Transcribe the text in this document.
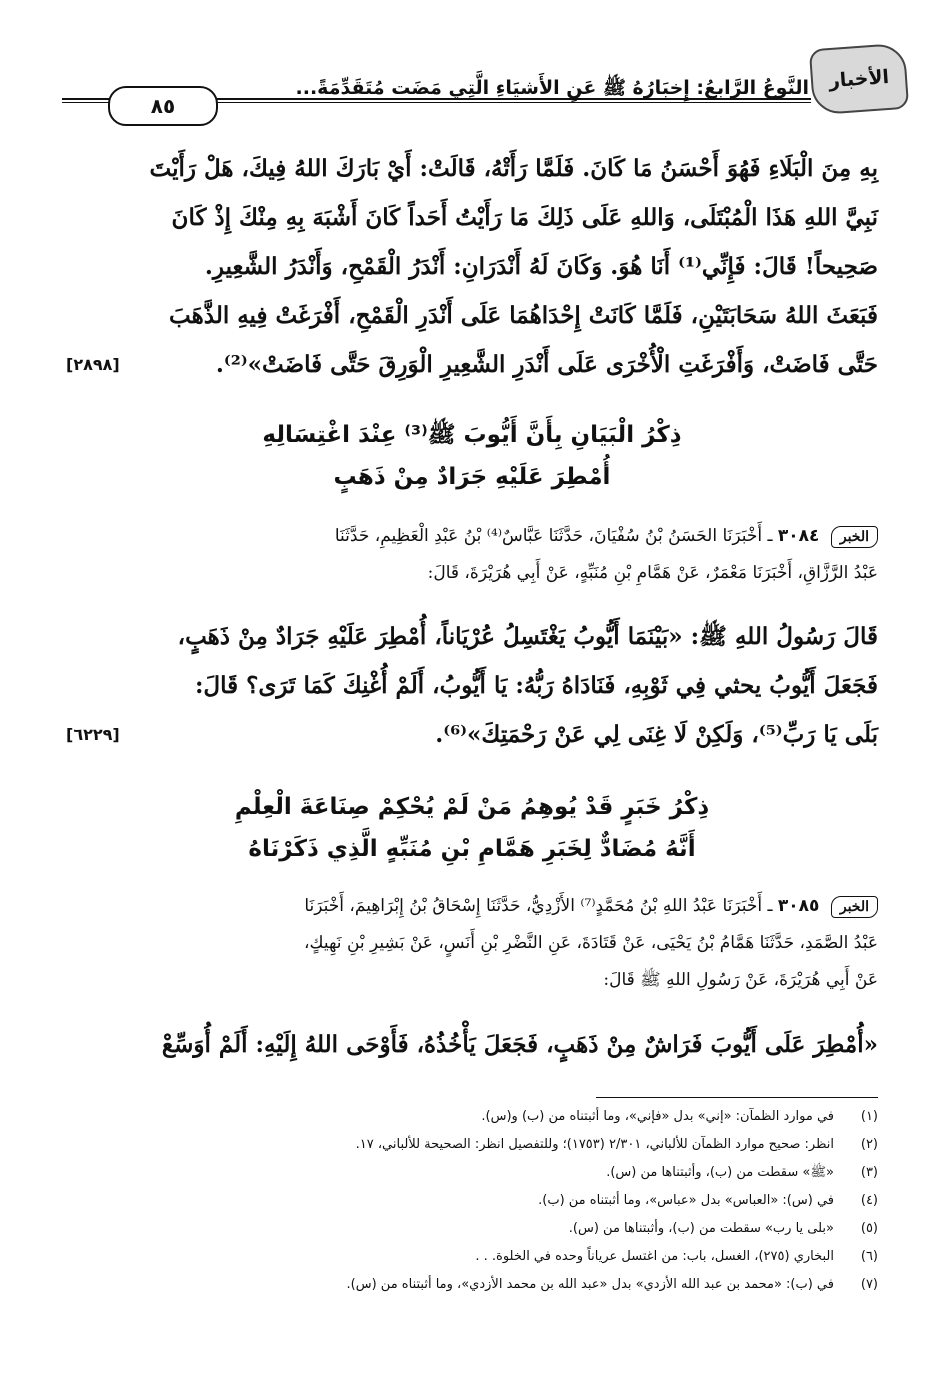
الأخبار
النَّوعُ الرَّابعُ: إِخبَارُهُ ﷺ عَنِ الأَشيَاءِ الَّتِي مَضَت مُتَقَدِّمَةً...
٨٥
بِهِ مِنَ الْبَلَاءِ فَهُوَ أَحْسَنُ مَا كَانَ. فَلَمَّا رَأَتْهُ، قَالَتْ: أَيْ بَارَكَ اللهُ فِيكَ، هَلْ رَأَيْتَ
نَبِيَّ اللهِ هَذَا الْمُبْتَلَى، وَاللهِ عَلَى ذَلِكَ مَا رَأَيْتُ أَحَداً كَانَ أَشْبَهَ بِهِ مِنْكَ إِذْ كَانَ
صَحِيحاً! قَالَ: فَإِنِّي⁽¹⁾ أَنَا هُوَ. وَكَانَ لَهُ أَنْدَرَانِ: أَنْدَرُ الْقَمْحِ، وَأَنْدَرُ الشَّعِيرِ.
فَبَعَثَ اللهُ سَحَابَتَيْنِ، فَلَمَّا كَانَتْ إِحْدَاهُمَا عَلَى أَنْدَرِ الْقَمْحِ، أَفْرَغَتْ فِيهِ الذَّهَبَ
حَتَّى فَاضَتْ، وَأَفْرَغَتِ الْأُخْرَى عَلَى أَنْدَرِ الشَّعِيرِ الْوَرِقَ حَتَّى فَاضَتْ»⁽²⁾.
[٢٨٩٨]
ذِكْرُ الْبَيَانِ بِأَنَّ أَيُّوبَ ﷺ⁽³⁾ عِنْدَ اغْتِسَالِهِ
أُمْطِرَ عَلَيْهِ جَرَادٌ مِنْ ذَهَبٍ
الخبر ٣٠٨٤ ـ أَخْبَرَنَا الحَسَنُ بْنُ سُفْيَانَ، حَدَّثَنَا عَبَّاسٌ⁽⁴⁾ بْنُ عَبْدِ الْعَظِيمِ، حَدَّثَنَا
عَبْدُ الرَّزَّاقِ، أَخْبَرَنَا مَعْمَرٌ، عَنْ هَمَّامِ بْنِ مُنَبِّهٍ، عَنْ أَبِي هُرَيْرَةَ، قَالَ:
قَالَ رَسُولُ اللهِ ﷺ: «بَيْنَمَا أَيُّوبُ يَغْتَسِلُ عُرْيَاناً، أُمْطِرَ عَلَيْهِ جَرَادٌ مِنْ ذَهَبٍ،
فَجَعَلَ أَيُّوبُ يحثي فِي ثَوْبِهِ، فَنَادَاهُ رَبُّهُ: يَا أَيُّوبُ، أَلَمْ أُغْنِكَ كَمَا تَرَى؟ قَالَ:
بَلَى يَا رَبِّ⁽⁵⁾، وَلَكِنْ لَا غِنَى لِي عَنْ رَحْمَتِكَ»⁽⁶⁾.
[٦٢٢٩]
ذِكْرُ خَبَرٍ قَدْ يُوهِمُ مَنْ لَمْ يُحْكِمْ صِنَاعَةَ الْعِلْمِ
أَنَّهُ مُضَادٌّ لِخَبَرِ هَمَّامِ بْنِ مُنَبِّهٍ الَّذِي ذَكَرْنَاهُ
الخبر ٣٠٨٥ ـ أَخْبَرَنَا عَبْدُ اللهِ بْنُ مُحَمَّدٍ⁽⁷⁾ الأَزْدِيُّ، حَدَّثَنَا إِسْحَاقُ بْنُ إِبْرَاهِيمَ، أَخْبَرَنَا
عَبْدُ الصَّمَدِ، حَدَّثَنَا هَمَّامُ بْنُ يَحْيَى، عَنْ قَتَادَةَ، عَنِ النَّضْرِ بْنِ أَنَسٍ، عَنْ بَشِيرِ بْنِ نَهِيكٍ،
عَنْ أَبِي هُرَيْرَةَ، عَنْ رَسُولِ اللهِ ﷺ قَالَ:
«أُمْطِرَ عَلَى أَيُّوبَ فَرَاشٌ مِنْ ذَهَبٍ، فَجَعَلَ يَأْخُذُهُ، فَأَوْحَى اللهُ إِلَيْهِ: أَلَمْ أُوَسِّعْ
(١)
في موارد الظمآن: «إني» بدل «فإني»، وما أثبتناه من (ب) و(س).
(٢)
انظر: صحيح موارد الظمآن للألباني، ٢/٣٠١ (١٧٥٣)؛ وللتفصيل انظر: الصحيحة للألباني، ١٧.
(٣)
«ﷺ» سقطت من (ب)، وأثبتناها من (س).
(٤)
في (س): «العباس» بدل «عباس»، وما أثبتناه من (ب).
(٥)
«بلى يا رب» سقطت من (ب)، وأثبتناها من (س).
(٦)
البخاري (٢٧٥)، الغسل، باب: من اغتسل عرياناً وحده في الخلوة. . .
(٧)
في (ب): «محمد بن عبد الله الأزدي» بدل «عبد الله بن محمد الأزدي»، وما أثبتناه من (س).
